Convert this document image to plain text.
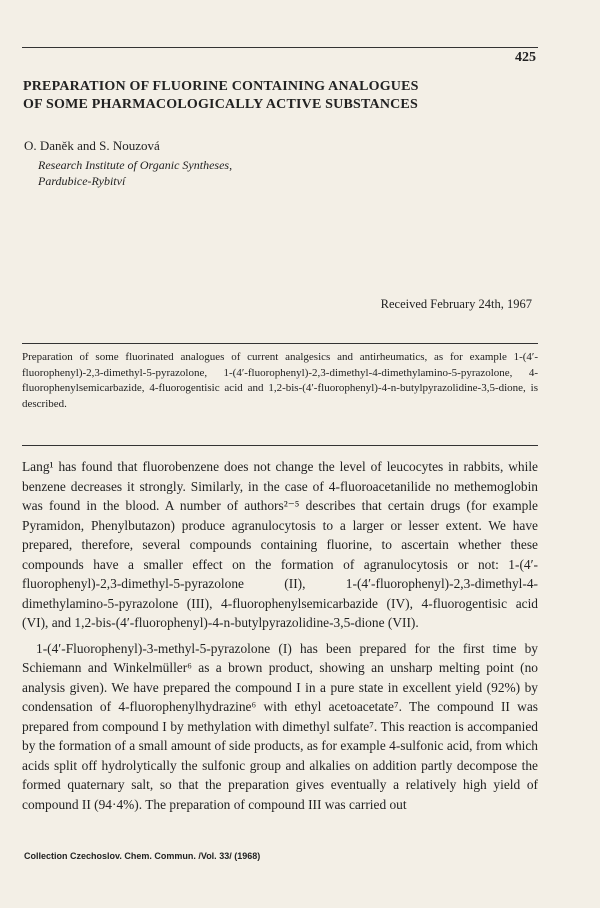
425
PREPARATION OF FLUORINE CONTAINING ANALOGUES
OF SOME PHARMACOLOGICALLY ACTIVE SUBSTANCES
O. Daněk and S. Nouzová
Research Institute of Organic Syntheses,
Pardubice-Rybitví
Received February 24th, 1967
Preparation of some fluorinated analogues of current analgesics and antirheumatics, as for example 1-(4′-fluorophenyl)-2,3-dimethyl-5-pyrazolone, 1-(4′-fluorophenyl)-2,3-dimethyl-4-dimethylamino-5-pyrazolone, 4-fluorophenylsemicarbazide, 4-fluorogentisic acid and 1,2-bis-(4′-fluorophenyl)-4-n-butylpyrazolidine-3,5-dione, is described.

Lang¹ has found that fluorobenzene does not change the level of leucocytes in rabbits, while benzene decreases it strongly. Similarly, in the case of 4-fluoroacetanilide no methemoglobin was found in the blood. A number of authors²⁻⁵ describes that certain drugs (for example Pyramidon, Phenylbutazon) produce agranulocytosis to a larger or lesser extent. We have prepared, therefore, several compounds containing fluorine, to ascertain whether these compounds have a smaller effect on the formation of agranulocytosis or not: 1-(4′-fluorophenyl)-2,3-dimethyl-5-pyrazolone (II), 1-(4′-fluorophenyl)-2,3-dimethyl-4-dimethylamino-5-pyrazolone (III), 4-fluorophenylsemicarbazide (IV), 4-fluorogentisic acid (VI), and 1,2-bis-(4′-fluorophenyl)-4-n-butylpyrazolidine-3,5-dione (VII).

1-(4′-Fluorophenyl)-3-methyl-5-pyrazolone (I) has been prepared for the first time by Schiemann and Winkelmüller⁶ as a brown product, showing an unsharp melting point (no analysis given). We have prepared the compound I in a pure state in excellent yield (92%) by condensation of 4-fluorophenylhydrazine⁶ with ethyl acetoacetate⁷. The compound II was prepared from compound I by methylation with dimethyl sulfate⁷. This reaction is accompanied by the formation of a small amount of side products, as for example 4-sulfonic acid, from which acids split off hydrolytically the sulfonic group and alkalies on addition partly decompose the formed quaternary salt, so that the preparation gives eventually a relatively high yield of compound II (94·4%). The preparation of compound III was carried out

Collection Czechoslov. Chem. Commun. /Vol. 33/ (1968)
